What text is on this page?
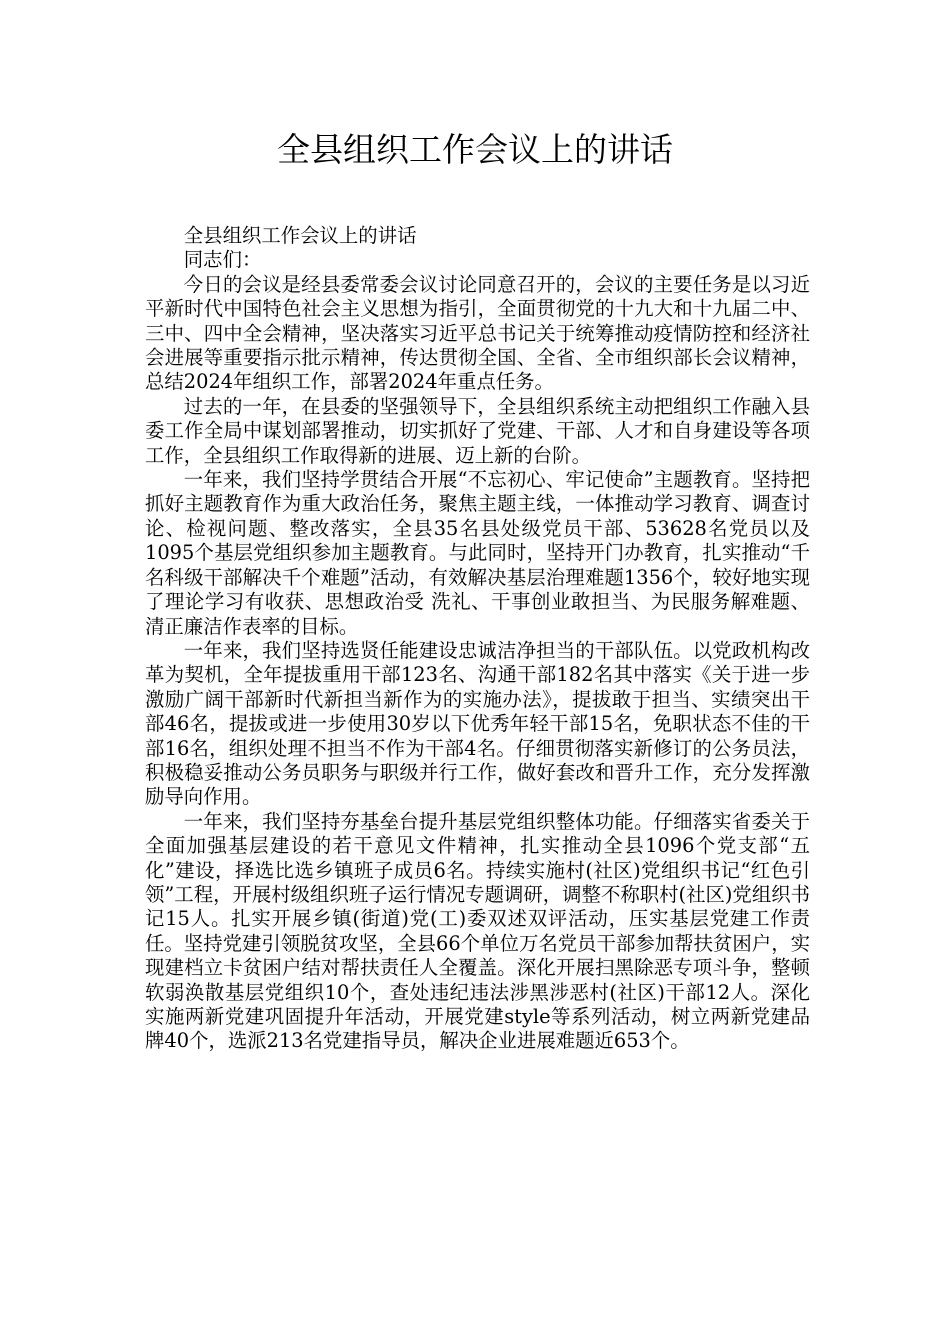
全县组织工作会议上的讲话

全县组织工作会议上的讲话

同志们：

今日的会议是经县委常委会议讨论同意召开的，会议的主要任务是以习近平新时代中国特色社会主义思想为指引，全面贯彻党的十九大和十九届二中、三中、四中全会精神，坚决落实习近平总书记关于统筹推动疫情防控和经济社会进展等重要指示批示精神，传达贯彻全国、全省、全市组织部长会议精神，总结2024年组织工作，部署2024年重点任务。

过去的一年，在县委的坚强领导下，全县组织系统主动把组织工作融入县委工作全局中谋划部署推动，切实抓好了党建、干部、人才和自身建设等各项工作，全县组织工作取得新的进展、迈上新的台阶。

一年来，我们坚持学贯结合开展“不忘初心、牢记使命”主题教育。坚持把抓好主题教育作为重大政治任务，聚焦主题主线，一体推动学习教育、调查讨论、检视问题、整改落实，全县35名县处级党员干部、53628名党员以及1095个基层党组织参加主题教育。与此同时，坚持开门办教育，扎实推动“千名科级干部解决千个难题”活动，有效解决基层治理难题1356个，较好地实现了理论学习有收获、思想政治受 洗礼、干事创业敢担当、为民服务解难题、清正廉洁作表率的目标。

一年来，我们坚持选贤任能建设忠诚洁净担当的干部队伍。以党政机构改革为契机，全年提拔重用干部123名、沟通干部182名其中落实《关于进一步激励广阔干部新时代新担当新作为的实施办法》，提拔敢于担当、实绩突出干部46名，提拔或进一步使用30岁以下优秀年轻干部15名，免职状态不佳的干部16名，组织处理不担当不作为干部4名。仔细贯彻落实新修订的公务员法，积极稳妥推动公务员职务与职级并行工作，做好套改和晋升工作，充分发挥激励导向作用。

一年来，我们坚持夯基垒台提升基层党组织整体功能。仔细落实省委关于全面加强基层建设的若干意见文件精神，扎实推动全县1096个党支部“五化”建设，择选比选乡镇班子成员6名。持续实施村(社区)党组织书记“红色引领”工程，开展村级组织班子运行情况专题调研，调整不称职村(社区)党组织书记15人。扎实开展乡镇(街道)党(工)委双述双评活动，压实基层党建工作责任。坚持党建引领脱贫攻坚，全县66个单位万名党员干部参加帮扶贫困户，实现建档立卡贫困户结对帮扶责任人全覆盖。深化开展扫黑除恶专项斗争，整顿软弱涣散基层党组织10个，查处违纪违法涉黑涉恶村(社区)干部12人。深化实施两新党建巩固提升年活动，开展党建style等系列活动，树立两新党建品牌40个，选派213名党建指导员，解决企业进展难题近653个。
